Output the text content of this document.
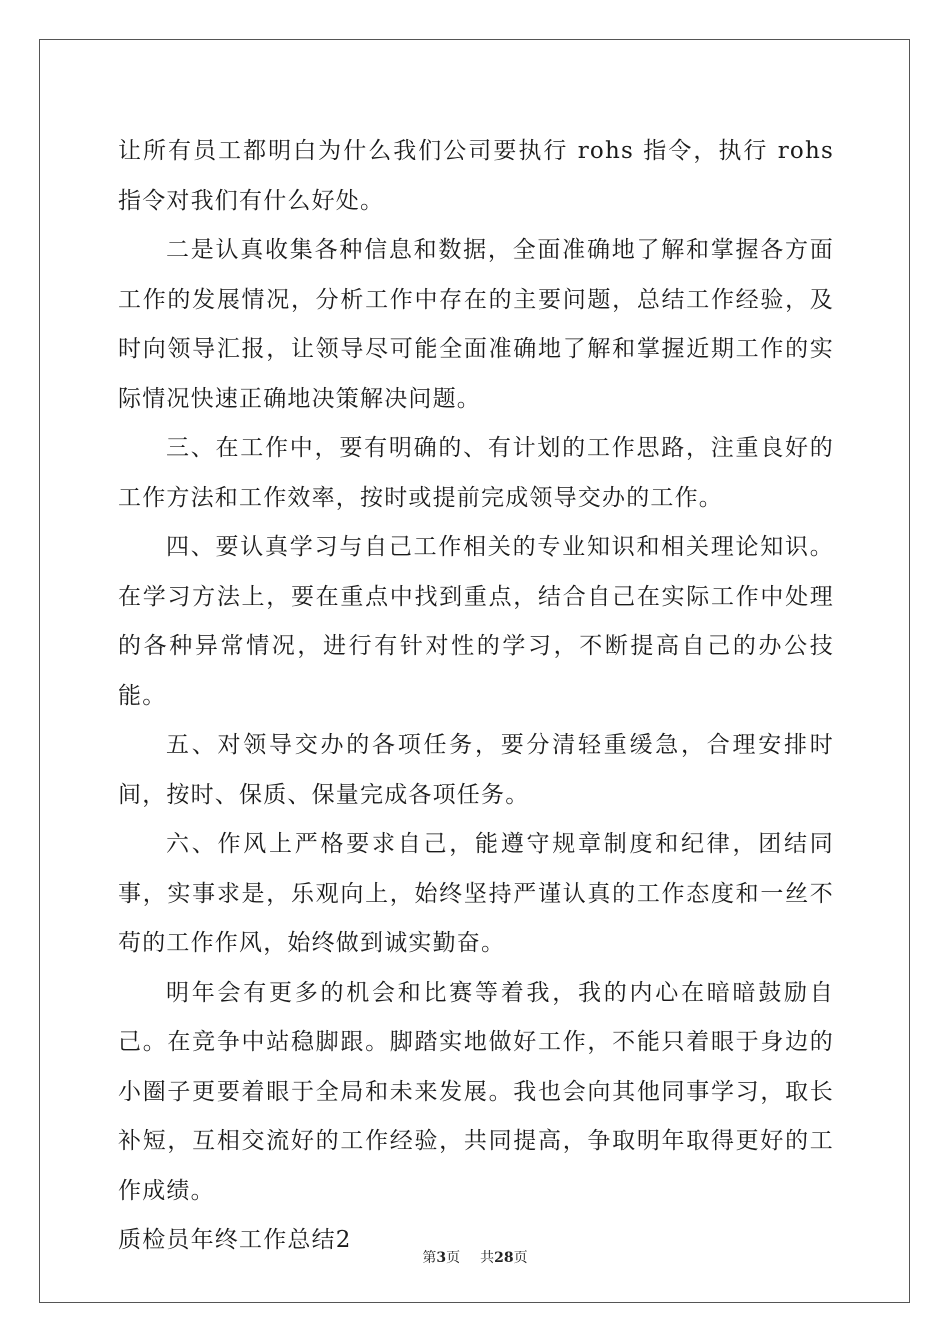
让所有员工都明白为什么我们公司要执行 rohs 指令，执行 rohs 指令对我们有什么好处。

二是认真收集各种信息和数据，全面准确地了解和掌握各方面工作的发展情况，分析工作中存在的主要问题，总结工作经验，及时向领导汇报，让领导尽可能全面准确地了解和掌握近期工作的实际情况快速正确地决策解决问题。

三、在工作中，要有明确的、有计划的工作思路，注重良好的工作方法和工作效率，按时或提前完成领导交办的工作。

四、要认真学习与自己工作相关的专业知识和相关理论知识。在学习方法上，要在重点中找到重点，结合自己在实际工作中处理的各种异常情况，进行有针对性的学习，不断提高自己的办公技能。

五、对领导交办的各项任务，要分清轻重缓急，合理安排时间，按时、保质、保量完成各项任务。

六、作风上严格要求自己，能遵守规章制度和纪律，团结同事，实事求是，乐观向上，始终坚持严谨认真的工作态度和一丝不苟的工作作风，始终做到诚实勤奋。

明年会有更多的机会和比赛等着我，我的内心在暗暗鼓励自己。在竞争中站稳脚跟。脚踏实地做好工作，不能只着眼于身边的小圈子更要着眼于全局和未来发展。我也会向其他同事学习，取长补短，互相交流好的工作经验，共同提高，争取明年取得更好的工作成绩。

质检员年终工作总结2

第3页 共28页
